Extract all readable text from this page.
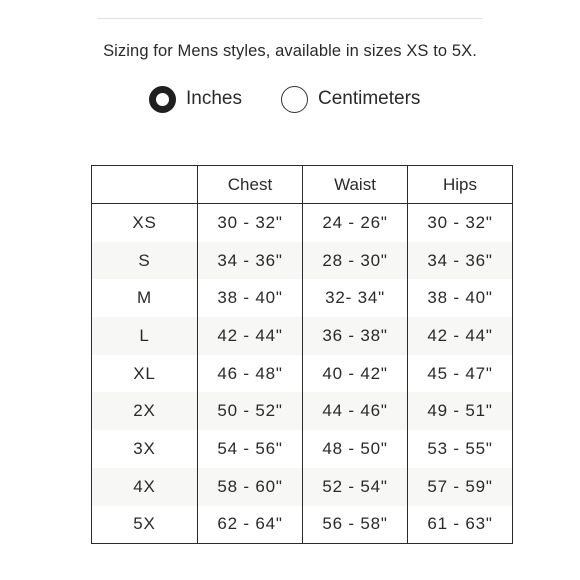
Sizing for Mens styles, available in sizes XS to 5X.
Inches	Centimeters
	Chest	Waist	Hips
XS	30 - 32"	24 - 26"	30 - 32"
S	34 - 36"	28 - 30"	34 - 36"
M	38 - 40"	32- 34"	38 - 40"
L	42 - 44"	36 - 38"	42 - 44"
XL	46 - 48"	40 - 42"	45 - 47"
2X	50 - 52"	44 - 46"	49 - 51"
3X	54 - 56"	48 - 50"	53 - 55"
4X	58 - 60"	52 - 54"	57 - 59"
5X	62 - 64"	56 - 58"	61 - 63"
